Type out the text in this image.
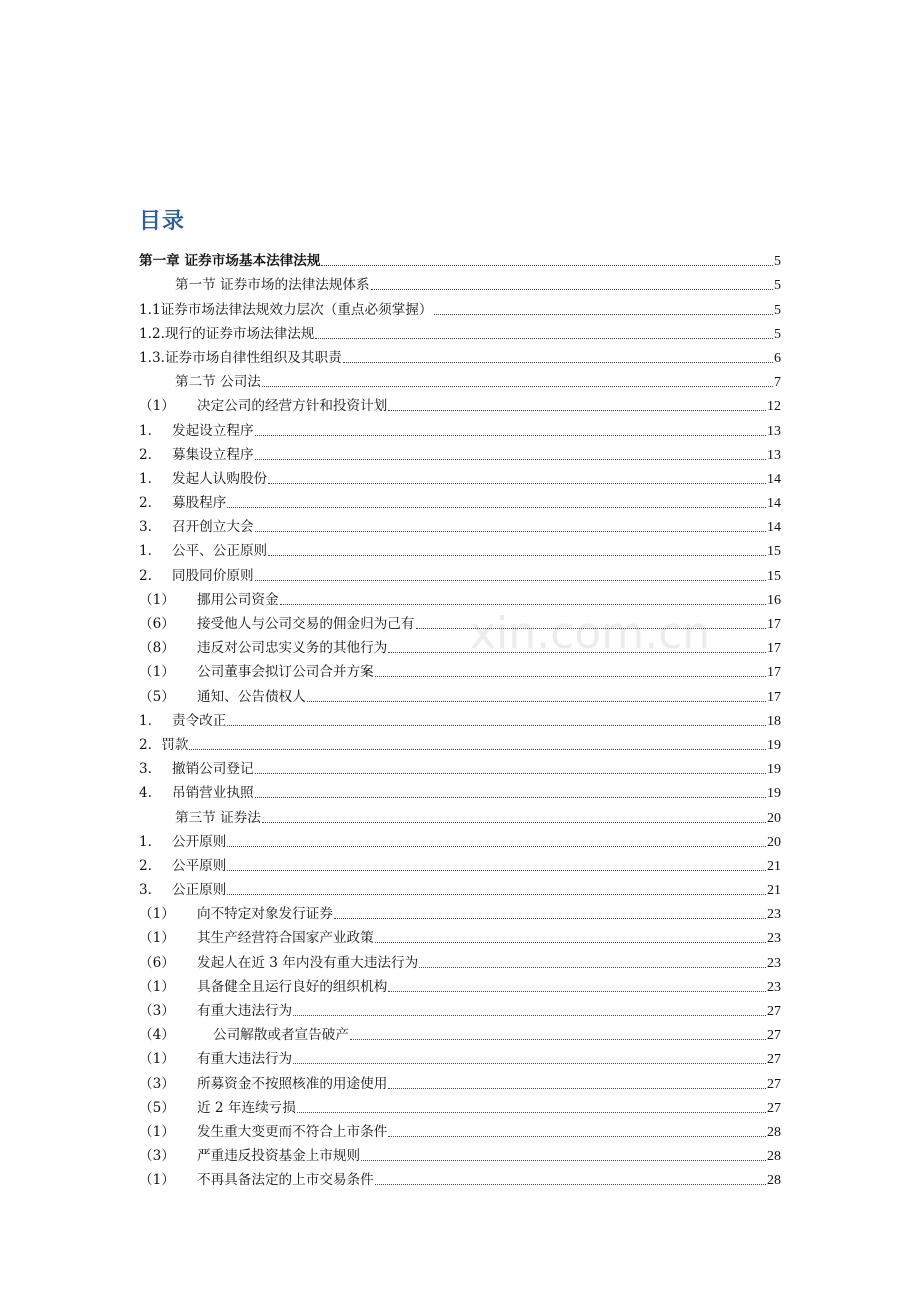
目录
xin.com.cn
第一章 证券市场基本法律法规	5
第一节 证券市场的法律法规体系	5
1.1证券市场法律法规效力层次（重点必须掌握）	5
1.2.现行的证券市场法律法规	5
1.3.证券市场自律性组织及其职责	6
第二节 公司法	7
（1）	决定公司的经营方针和投资计划	12
1.	发起设立程序	13
2.	募集设立程序	13
1.	发起人认购股份	14
2.	募股程序	14
3.	召开创立大会	14
1.	公平、公正原则	15
2.	同股同价原则	15
（1）	挪用公司资金	16
（6）	接受他人与公司交易的佣金归为己有	17
（8）	违反对公司忠实义务的其他行为	17
（1）	公司董事会拟订公司合并方案	17
（5）	通知、公告债权人	17
1.	责令改正	18
2． 罚款	19
3.	撤销公司登记	19
4.	吊销营业执照	19
第三节 证券法	20
1.	公开原则	20
2.	公平原则	21
3.	公正原则	21
（1）	向不特定对象发行证券	23
（1）	其生产经营符合国家产业政策	23
（6）	发起人在近 3 年内没有重大违法行为	23
（1）	具备健全且运行良好的组织机构	23
（3）	有重大违法行为	27
（4）	公司解散或者宣告破产	27
（1）	有重大违法行为	27
（3）	所募资金不按照核准的用途使用	27
（5）	近 2 年连续亏损	27
（1）	发生重大变更而不符合上市条件	28
（3）	严重违反投资基金上市规则	28
（1）	不再具备法定的上市交易条件	28
